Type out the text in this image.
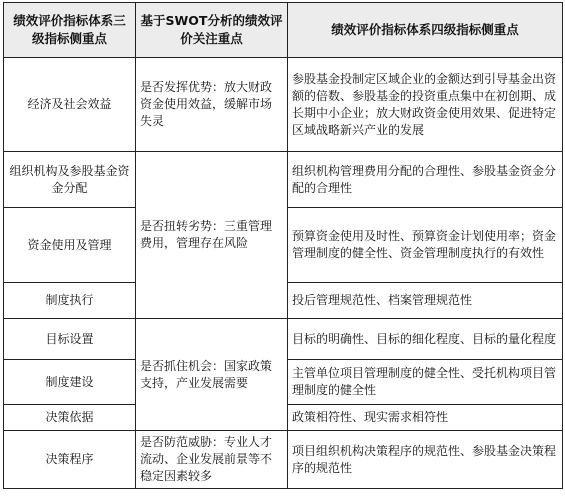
绩效评价指标体系三级指标侧重点	基于SWOT分析的绩效评价关注重点	绩效评价指标体系四级指标侧重点
经济及社会效益	是否发挥优势：放大财政资金使用效益，缓解市场失灵	参股基金投制定区域企业的金额达到引导基金出资额的倍数、参股基金的投资重点集中在初创期、成长期中小企业；放大财政资金使用效果、促进特定区域战略新兴产业的发展
组织机构及参股基金资金分配	是否扭转劣势：三重管理费用，管理存在风险	组织机构管理费用分配的合理性、参股基金资金分配的合理性
资金使用及管理		预算资金使用及时性、预算资金计划使用率；资金管理制度的健全性、资金管理制度执行的有效性
制度执行		投后管理规范性、档案管理规范性
目标设置	是否抓住机会：国家政策支持，产业发展需要	目标的明确性、目标的细化程度、目标的量化程度
制度建设		主管单位项目管理制度的健全性、受托机构项目管理制度的健全性
决策依据		政策相符性、现实需求相符性
决策程序	是否防范威胁：专业人才流动、企业发展前景等不稳定因素较多	项目组织机构决策程序的规范性、参股基金决策程序的规范性
